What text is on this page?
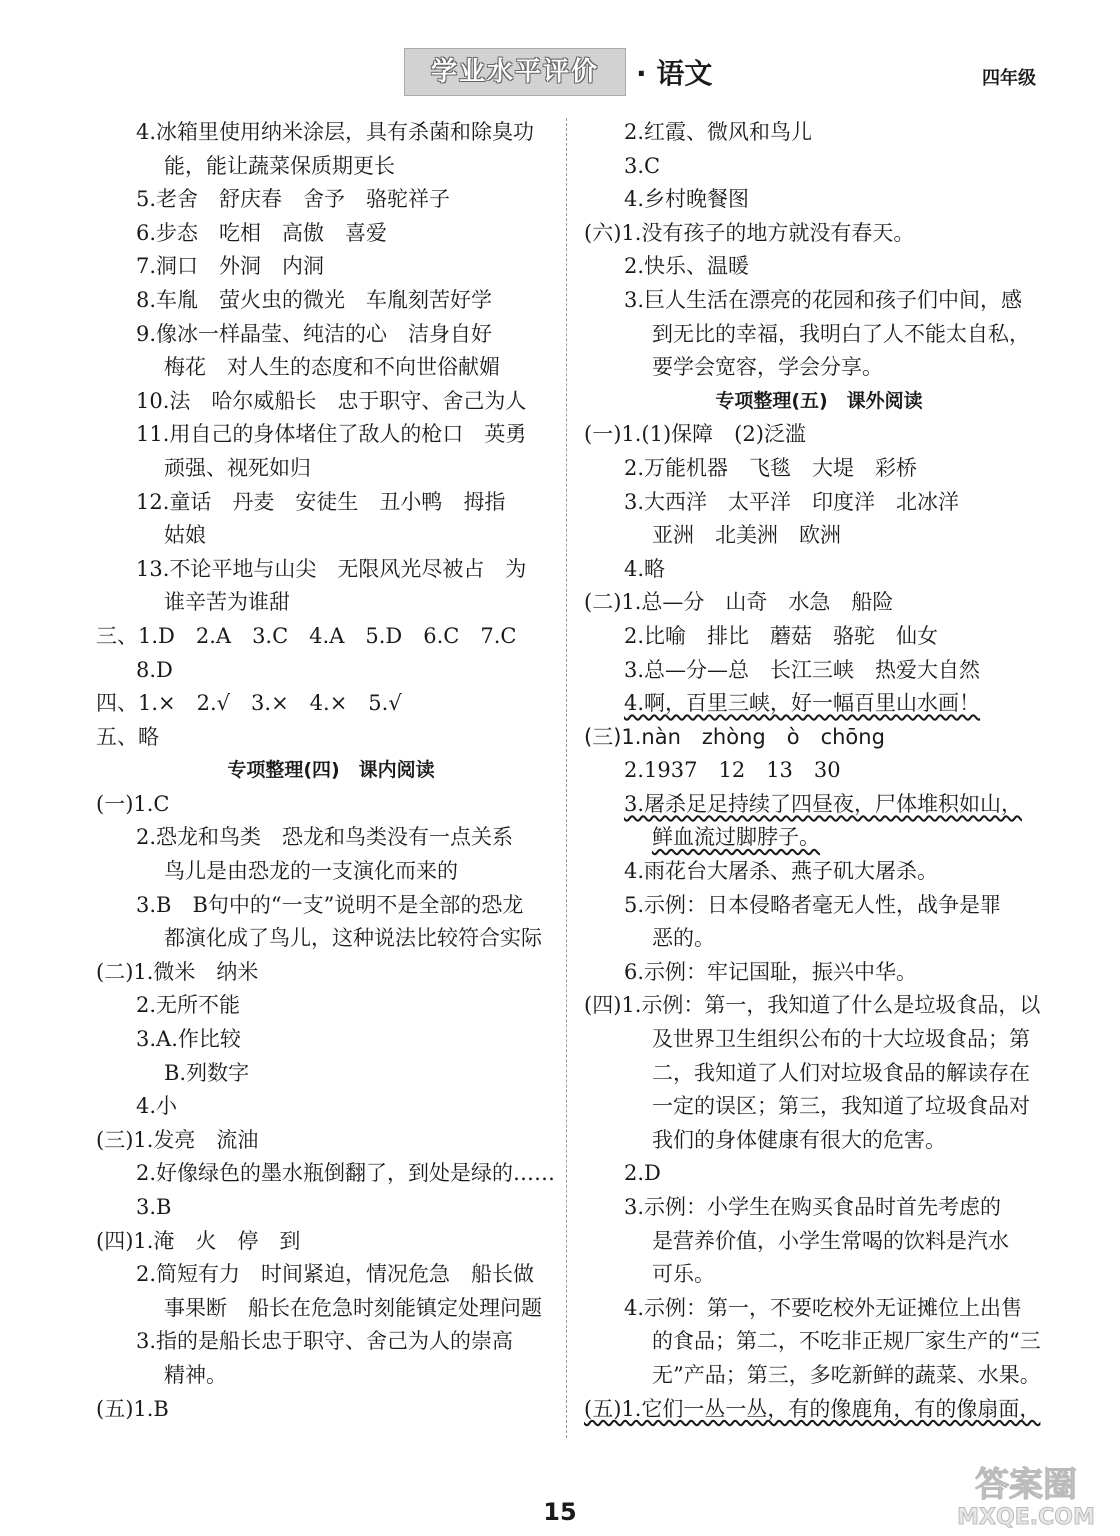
学业水平评价	· 语文	四年级
4.冰箱里使用纳米涂层，具有杀菌和除臭功
能，能让蔬菜保质期更长
5.老舍　舒庆春　舍予　骆驼祥子
6.步态　吃相　高傲　喜爱
7.洞口　外洞　内洞
8.车胤　萤火虫的微光　车胤刻苦好学
9.像冰一样晶莹、纯洁的心　洁身自好
梅花　对人生的态度和不向世俗献媚
10.法　哈尔威船长　忠于职守、舍己为人
11.用自己的身体堵住了敌人的枪口　英勇
顽强、视死如归
12.童话　丹麦　安徒生　丑小鸭　拇指
姑娘
13.不论平地与山尖　无限风光尽被占　为
谁辛苦为谁甜
三、1.D　2.A　3.C　4.A　5.D　6.C　7.C
8.D
四、1.×　2.√　3.×　4.×　5.√
五、略
专项整理(四)　课内阅读
(一)1.C
2.恐龙和鸟类　恐龙和鸟类没有一点关系
鸟儿是由恐龙的一支演化而来的
3.B　B句中的“一支”说明不是全部的恐龙
都演化成了鸟儿，这种说法比较符合实际
(二)1.微米　纳米
2.无所不能
3.A.作比较
B.列数字
4.小
(三)1.发亮　流油
2.好像绿色的墨水瓶倒翻了，到处是绿的……
3.B
(四)1.淹　火　停　到
2.简短有力　时间紧迫，情况危急　船长做
事果断　船长在危急时刻能镇定处理问题
3.指的是船长忠于职守、舍己为人的崇高
精神。
(五)1.B
2.红霞、微风和鸟儿
3.C
4.乡村晚餐图
(六)1.没有孩子的地方就没有春天。
2.快乐、温暖
3.巨人生活在漂亮的花园和孩子们中间，感
到无比的幸福，我明白了人不能太自私，
要学会宽容，学会分享。
专项整理(五)　课外阅读
(一)1.(1)保障　(2)泛滥
2.万能机器　飞毯　大堤　彩桥
3.大西洋　太平洋　印度洋　北冰洋
亚洲　北美洲　欧洲
4.略
(二)1.总—分　山奇　水急　船险
2.比喻　排比　蘑菇　骆驼　仙女
3.总—分—总　长江三峡　热爱大自然
4.啊，百里三峡，好一幅百里山水画！
(三)1.nàn　zhòng　ò　chōng
2.1937　12　13　30
3.屠杀足足持续了四昼夜，尸体堆积如山，
鲜血流过脚脖子。
4.雨花台大屠杀、燕子矶大屠杀。
5.示例：日本侵略者毫无人性，战争是罪
恶的。
6.示例：牢记国耻，振兴中华。
(四)1.示例：第一，我知道了什么是垃圾食品，以
及世界卫生组织公布的十大垃圾食品；第
二，我知道了人们对垃圾食品的解读存在
一定的误区；第三，我知道了垃圾食品对
我们的身体健康有很大的危害。
2.D
3.示例：小学生在购买食品时首先考虑的
是营养价值，小学生常喝的饮料是汽水
可乐。
4.示例：第一，不要吃校外无证摊位上出售
的食品；第二，不吃非正规厂家生产的“三
无”产品；第三，多吃新鲜的蔬菜、水果。
(五)1.它们一丛一丛，有的像鹿角，有的像扇面，
15
答案圈
MXQE.COM
